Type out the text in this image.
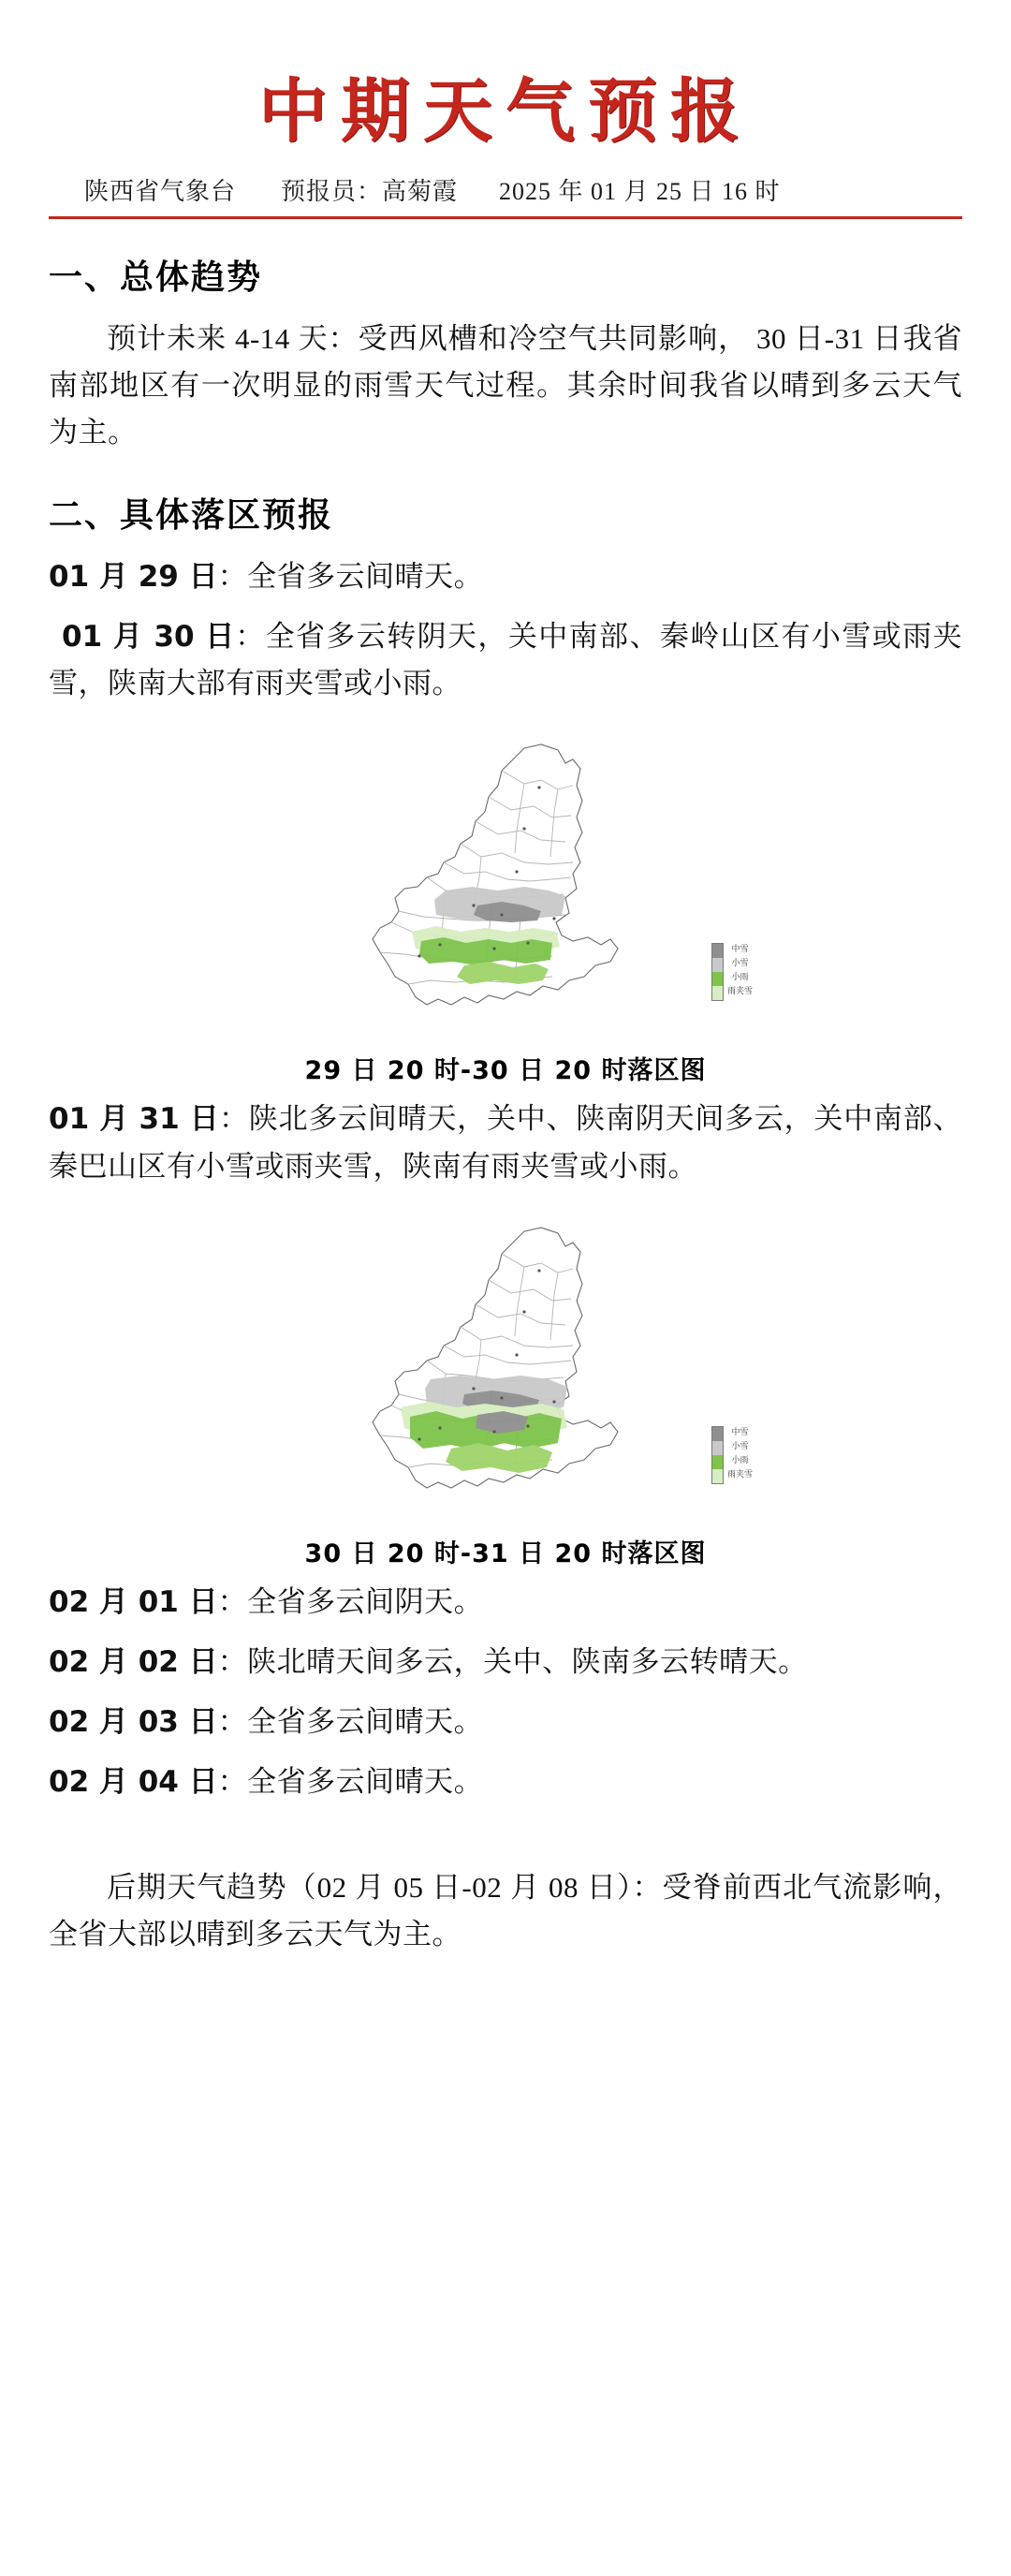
中期天气预报
陕西省气象台 预报员：高菊霞 2025 年 01 月 25 日 16 时
一、总体趋势

预计未来 4-14 天：受西风槽和冷空气共同影响， 30 日-31 日我省南部地区有一次明显的雨雪天气过程。其余时间我省以晴到多云天气为主。

二、具体落区预报

01 月 29 日：全省多云间晴天。

01 月 30 日：全省多云转阴天，关中南部、秦岭山区有小雪或雨夹雪，陕南大部有雨夹雪或小雨。

中雪
小雪
小雨
雨夹雪
29 日 20 时-30 日 20 时落区图

01 月 31 日：陕北多云间晴天，关中、陕南阴天间多云，关中南部、秦巴山区有小雪或雨夹雪，陕南有雨夹雪或小雨。

中雪
小雪
小雨
雨夹雪
30 日 20 时-31 日 20 时落区图

02 月 01 日：全省多云间阴天。

02 月 02 日：陕北晴天间多云，关中、陕南多云转晴天。

02 月 03 日：全省多云间晴天。

02 月 04 日：全省多云间晴天。

后期天气趋势（02 月 05 日-02 月 08 日）：受脊前西北气流影响，全省大部以晴到多云天气为主。
